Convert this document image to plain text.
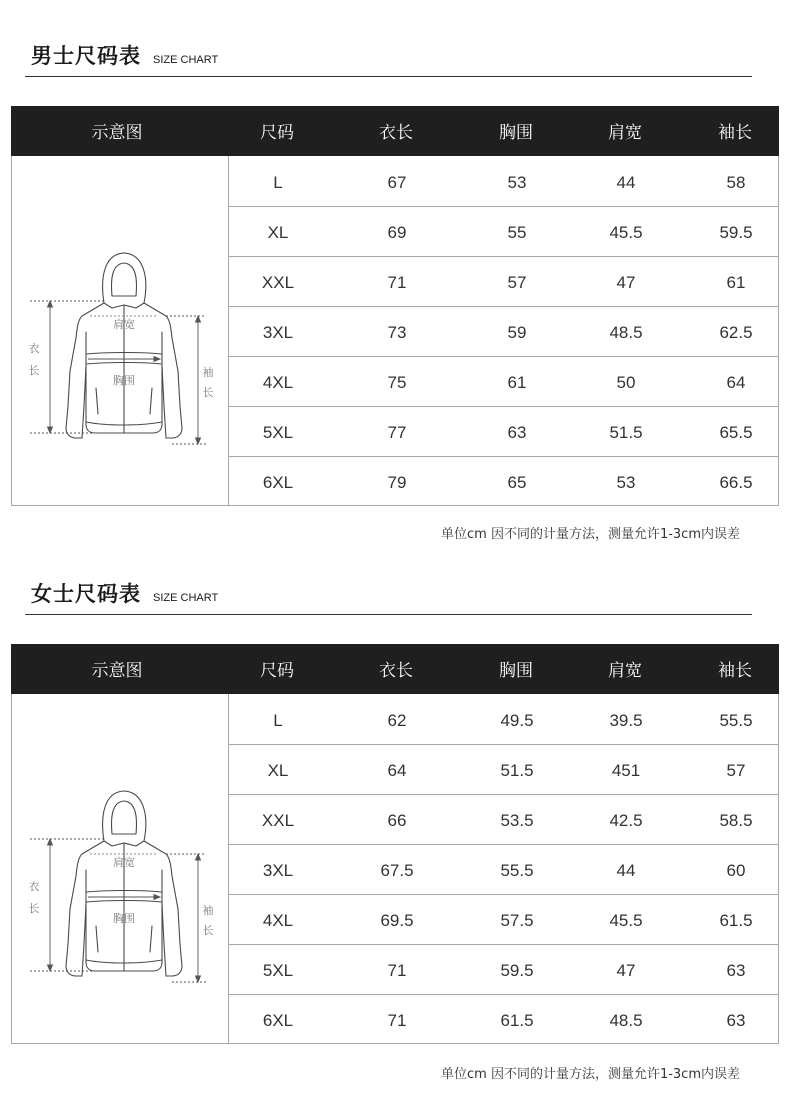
男士尺码表 SIZE CHART
示意图	尺码	衣长	胸围	肩宽	袖长
衣
长
肩宽
胸围
袖
长
L	67	53	44	58
XL	69	55	45.5	59.5
XXL	71	57	47	61
3XL	73	59	48.5	62.5
4XL	75	61	50	64
5XL	77	63	51.5	65.5
6XL	79	65	53	66.5
单位cm 因不同的计量方法，测量允许1-3cm内误差
女士尺码表 SIZE CHART
示意图	尺码	衣长	胸围	肩宽	袖长
衣
长
肩宽
胸围
袖
长
L	62	49.5	39.5	55.5
XL	64	51.5	451	57
XXL	66	53.5	42.5	58.5
3XL	67.5	55.5	44	60
4XL	69.5	57.5	45.5	61.5
5XL	71	59.5	47	63
6XL	71	61.5	48.5	63
单位cm 因不同的计量方法，测量允许1-3cm内误差
